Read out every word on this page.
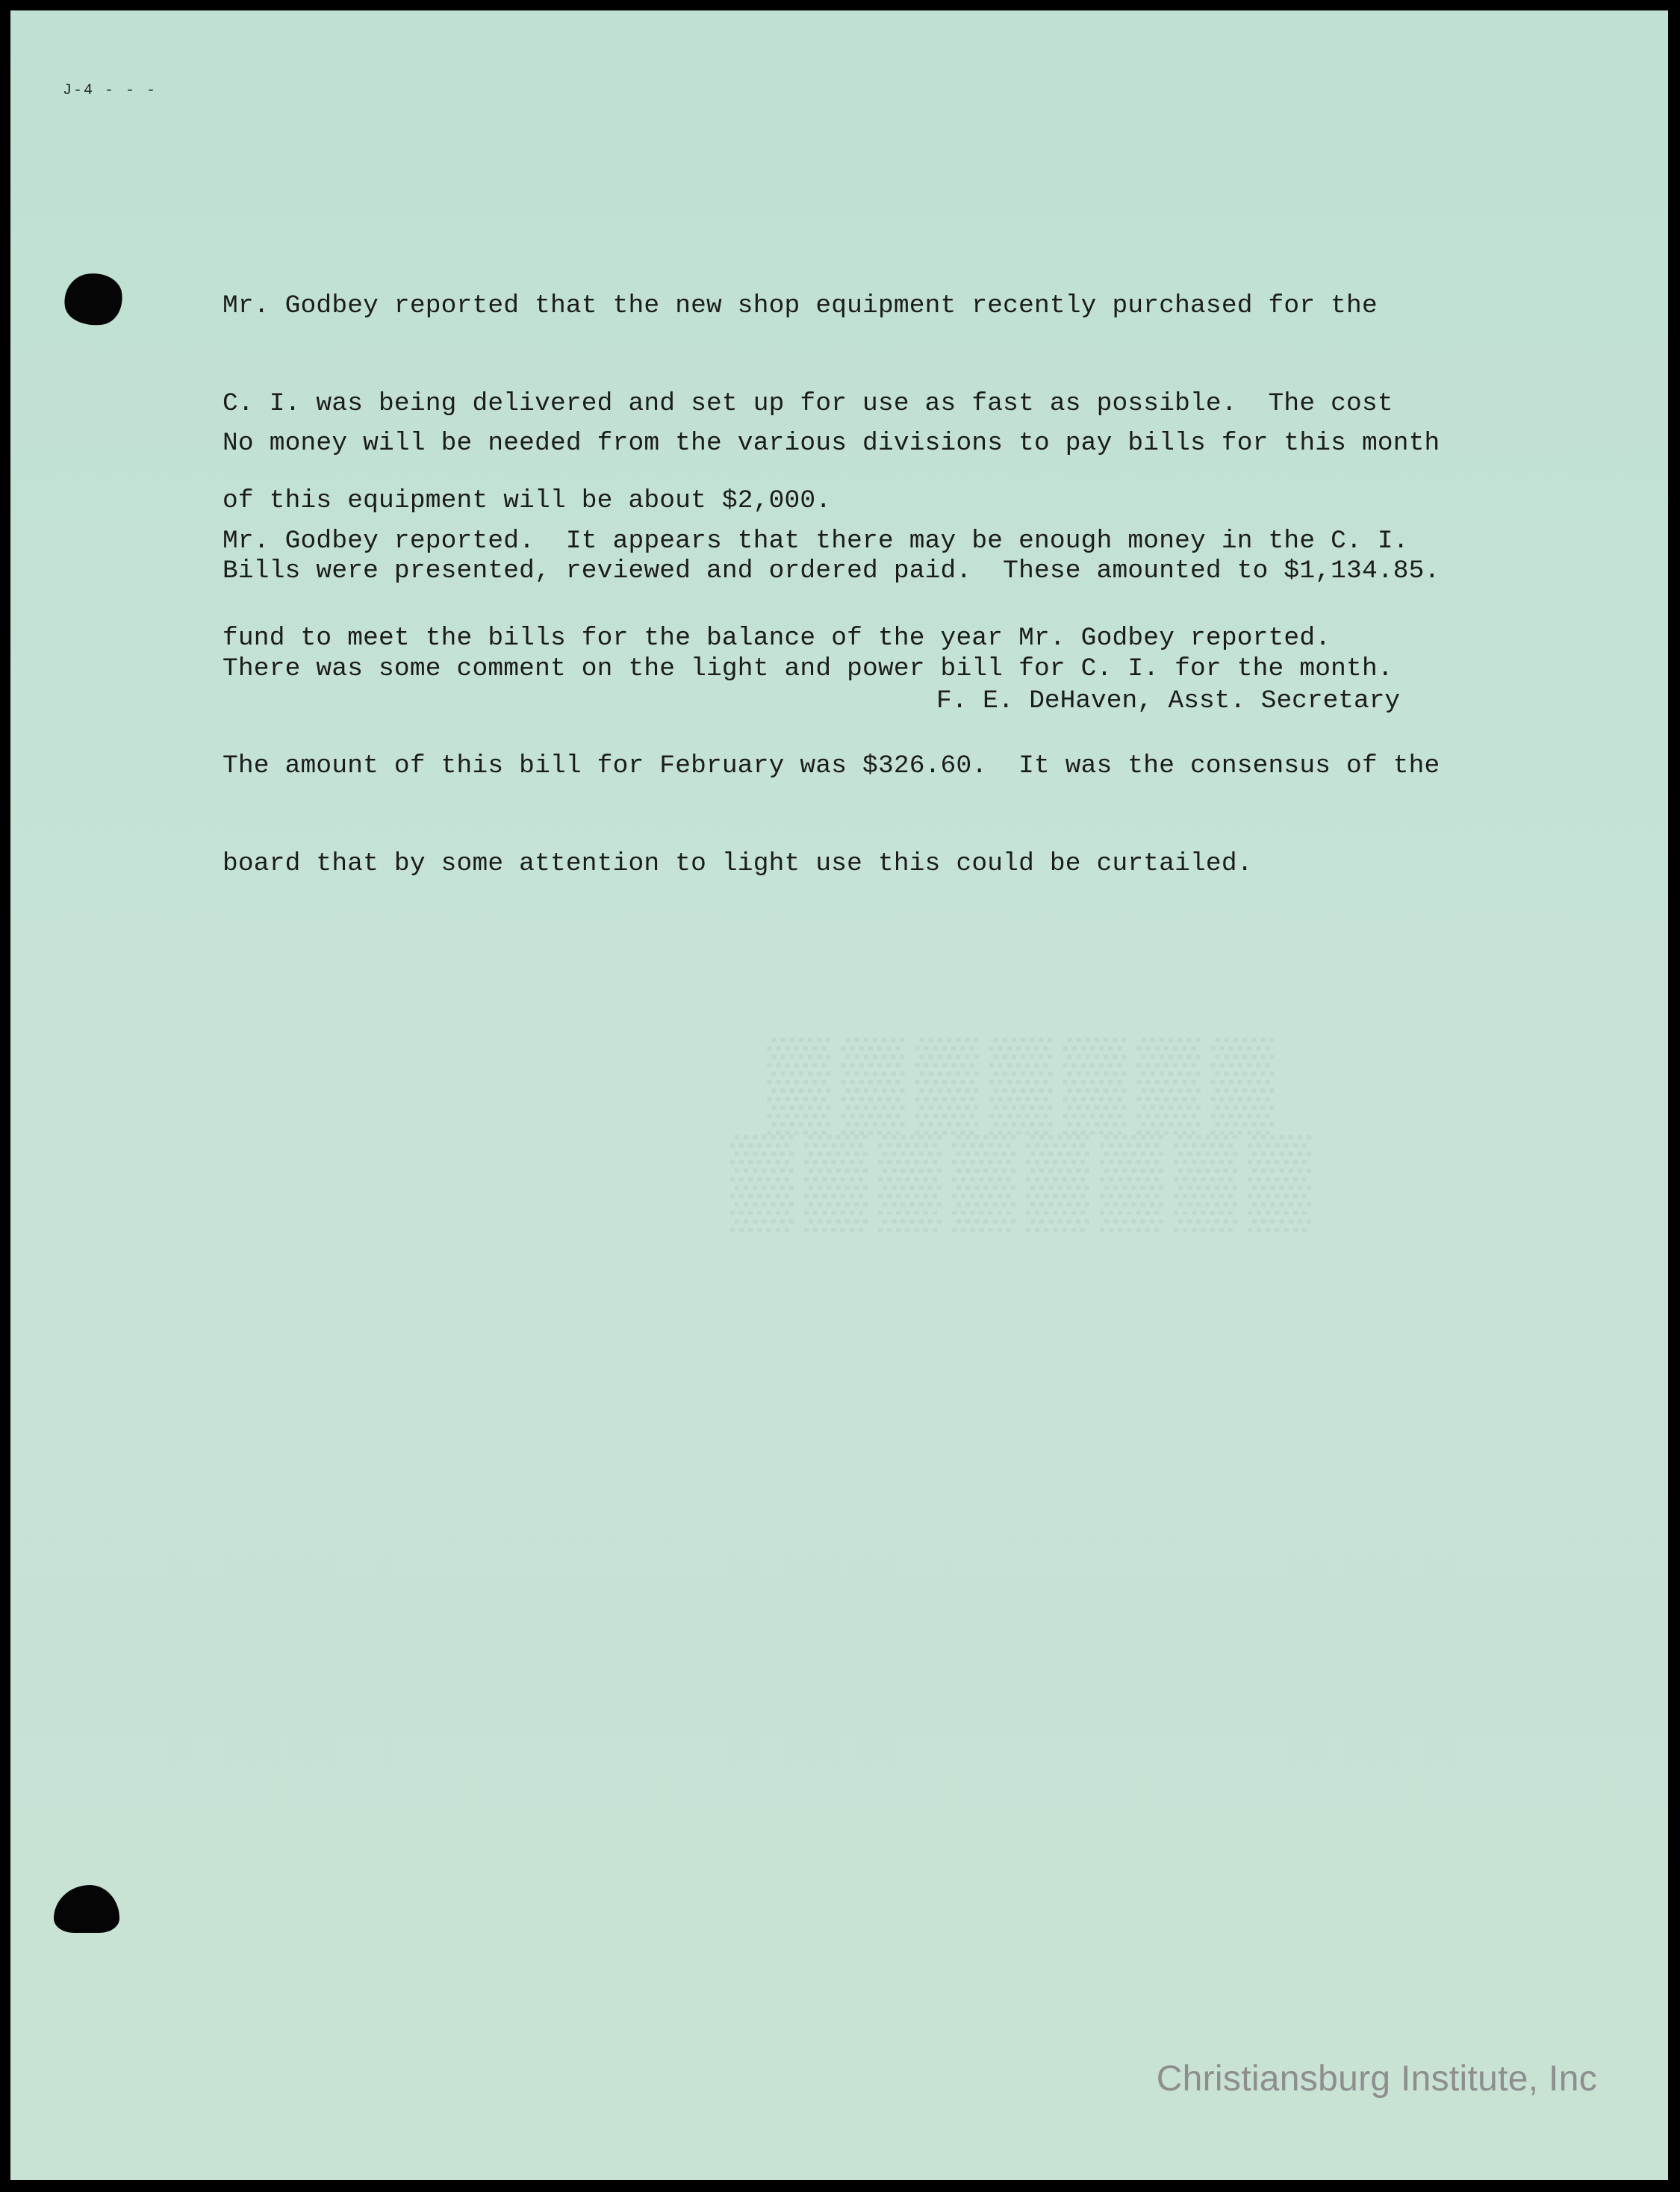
J-4 - - -
▒▒▒▒▒▒▒
▒▒▒▒▒▒▒▒

Mr. Godbey reported that the new shop equipment recently purchased for the

C. I. was being delivered and set up for use as fast as possible.  The cost

of this equipment will be about $2,000.

No money will be needed from the various divisions to pay bills for this month

Mr. Godbey reported.  It appears that there may be enough money in the C. I.

fund to meet the bills for the balance of the year Mr. Godbey reported.

Bills were presented, reviewed and ordered paid.  These amounted to $1,134.85.

There was some comment on the light and power bill for C. I. for the month.

The amount of this bill for February was $326.60.  It was the consensus of the

board that by some attention to light use this could be curtailed.

F. E. DeHaven, Asst. Secretary
Christiansburg Institute, Inc
